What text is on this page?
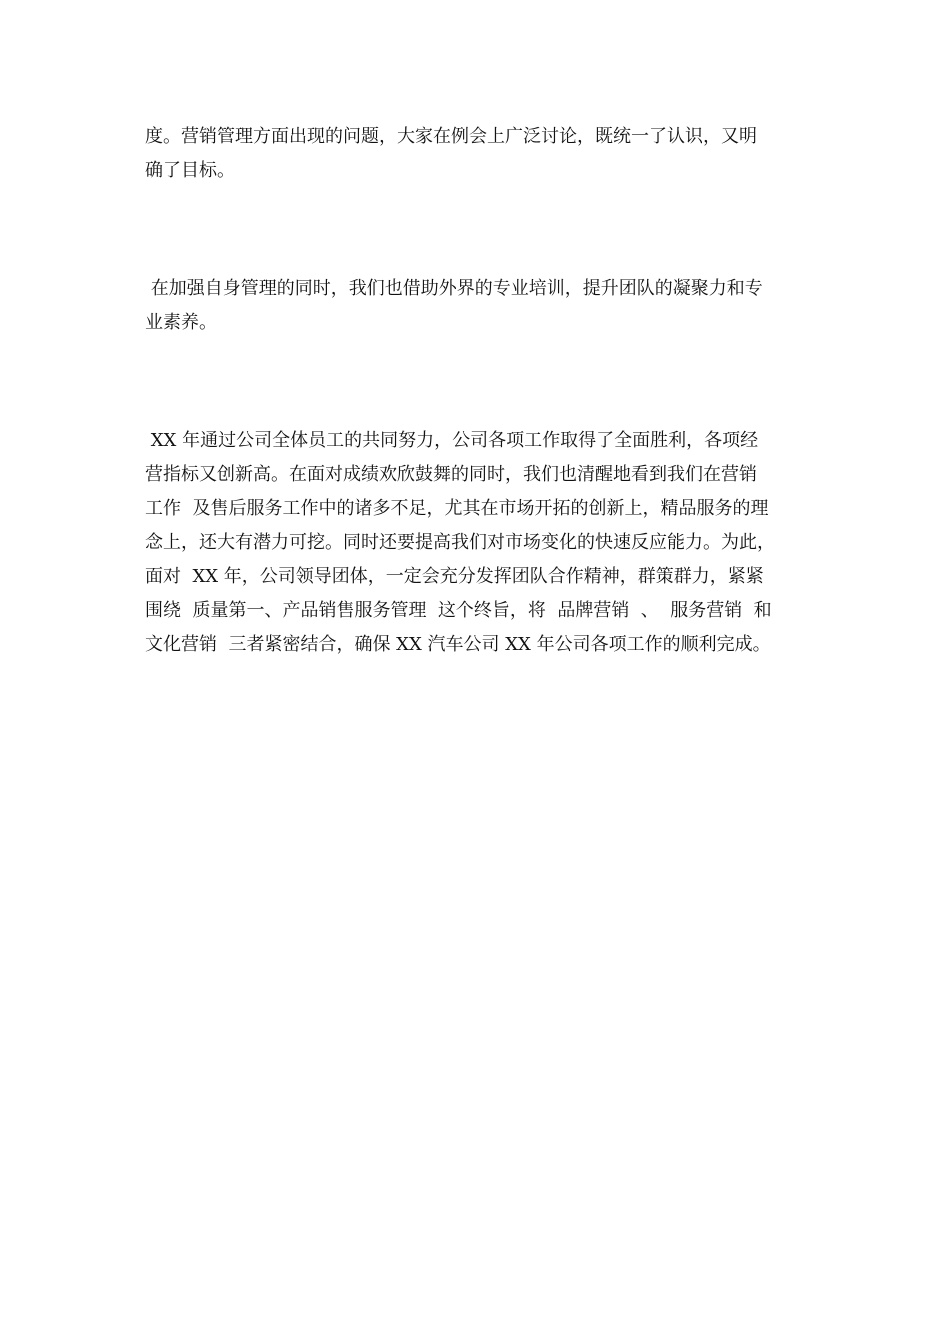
度。营销管理方面出现的问题，大家在例会上广泛讨论，既统一了认识，又明
确了目标。

在加强自身管理的同时，我们也借助外界的专业培训，提升团队的凝聚力和专
业素养。

XX 年通过公司全体员工的共同努力，公司各项工作取得了全面胜利，各项经
营指标又创新高。在面对成绩欢欣鼓舞的同时，我们也清醒地看到我们在营销
工作  及售后服务工作中的诸多不足，尤其在市场开拓的创新上，精品服务的理
念上，还大有潜力可挖。同时还要提高我们对市场变化的快速反应能力。为此，
面对  XX 年，公司领导团体，一定会充分发挥团队合作精神，群策群力，紧紧
围绕  质量第一、产品销售服务管理  这个终旨，将  品牌营销  、  服务营销  和
文化营销  三者紧密结合，确保 XX 汽车公司 XX 年公司各项工作的顺利完成。
